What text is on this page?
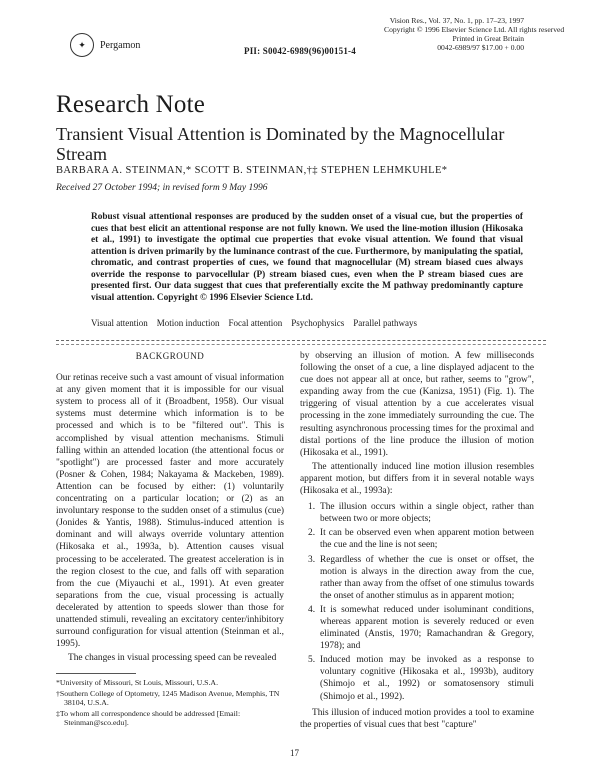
✦	Pergamon
PII: S0042-6989(96)00151-4
Vision Res., Vol. 37, No. 1, pp. 17–23, 1997
Copyright © 1996 Elsevier Science Ltd. All rights reserved
Printed in Great Britain
0042-6989/97 $17.00 + 0.00
Research Note
Transient Visual Attention is Dominated by the Magnocellular Stream
BARBARA A. STEINMAN,* SCOTT B. STEINMAN,†‡ STEPHEN LEHMKUHLE*
Received 27 October 1994; in revised form 9 May 1996
Robust visual attentional responses are produced by the sudden onset of a visual cue, but the properties of cues that best elicit an attentional response are not fully known. We used the line-motion illusion (Hikosaka et al., 1991) to investigate the optimal cue properties that evoke visual attention. We found that visual attention is driven primarily by the luminance contrast of the cue. Furthermore, by manipulating the spatial, chromatic, and contrast properties of cues, we found that magnocellular (M) stream biased cues always override the response to parvocellular (P) stream biased cues, even when the P stream biased cues are presented first. Our data suggest that cues that preferentially excite the M pathway predominantly capture visual attention. Copyright © 1996 Elsevier Science Ltd.
Visual attention Motion induction Focal attention Psychophysics Parallel pathways
BACKGROUND

Our retinas receive such a vast amount of visual information at any given moment that it is impossible for our visual system to process all of it (Broadbent, 1958). Our visual systems must determine which information is to be processed and which is to be "filtered out". This is accomplished by visual attention mechanisms. Stimuli falling within an attended location (the attentional focus or "spotlight") are processed faster and more accurately (Posner & Cohen, 1984; Nakayama & Mackeben, 1989). Attention can be focused by either: (1) voluntarily concentrating on a particular location; or (2) as an involuntary response to the sudden onset of a stimulus (cue) (Jonides & Yantis, 1988). Stimulus-induced attention is dominant and will always override voluntary attention (Hikosaka et al., 1993a, b). Attention causes visual processing to be accelerated. The greatest acceleration is in the region closest to the cue, and falls off with separation from the cue (Miyauchi et al., 1991). At even greater separations from the cue, visual processing is actually decelerated by attention to speeds slower than those for unattended stimuli, revealing an excitatory center/inhibitory surround configuration for visual attention (Steinman et al., 1995).

The changes in visual processing speed can be revealed

by observing an illusion of motion. A few milliseconds following the onset of a cue, a line displayed adjacent to the cue does not appear all at once, but rather, seems to "grow", expanding away from the cue (Kanizsa, 1951) (Fig. 1). The triggering of visual attention by a cue accelerates visual processing in the zone immediately surrounding the cue. The resulting asynchronous processing times for the proximal and distal portions of the line produce the illusion of motion (Hikosaka et al., 1991).

The attentionally induced line motion illusion resembles apparent motion, but differs from it in several notable ways (Hikosaka et al., 1993a):

1. The illusion occurs within a single object, rather than between two or more objects;
2. It can be observed even when apparent motion between the cue and the line is not seen;
3. Regardless of whether the cue is onset or offset, the motion is always in the direction away from the cue, rather than away from the offset of one stimulus towards the onset of another stimulus as in apparent motion;
4. It is somewhat reduced under isoluminant conditions, whereas apparent motion is severely reduced or even eliminated (Anstis, 1970; Ramachandran & Gregory, 1978); and
5. Induced motion may be invoked as a response to voluntary cognitive (Hikosaka et al., 1993b), auditory (Shimojo et al., 1992) or somatosensory stimuli (Shimojo et al., 1992).

This illusion of induced motion provides a tool to examine the properties of visual cues that best "capture"

*University of Missouri, St Louis, Missouri, U.S.A.
†Southern College of Optometry, 1245 Madison Avenue, Memphis, TN 38104, U.S.A.
‡To whom all correspondence should be addressed [Email: Steinman@sco.edu].
17
